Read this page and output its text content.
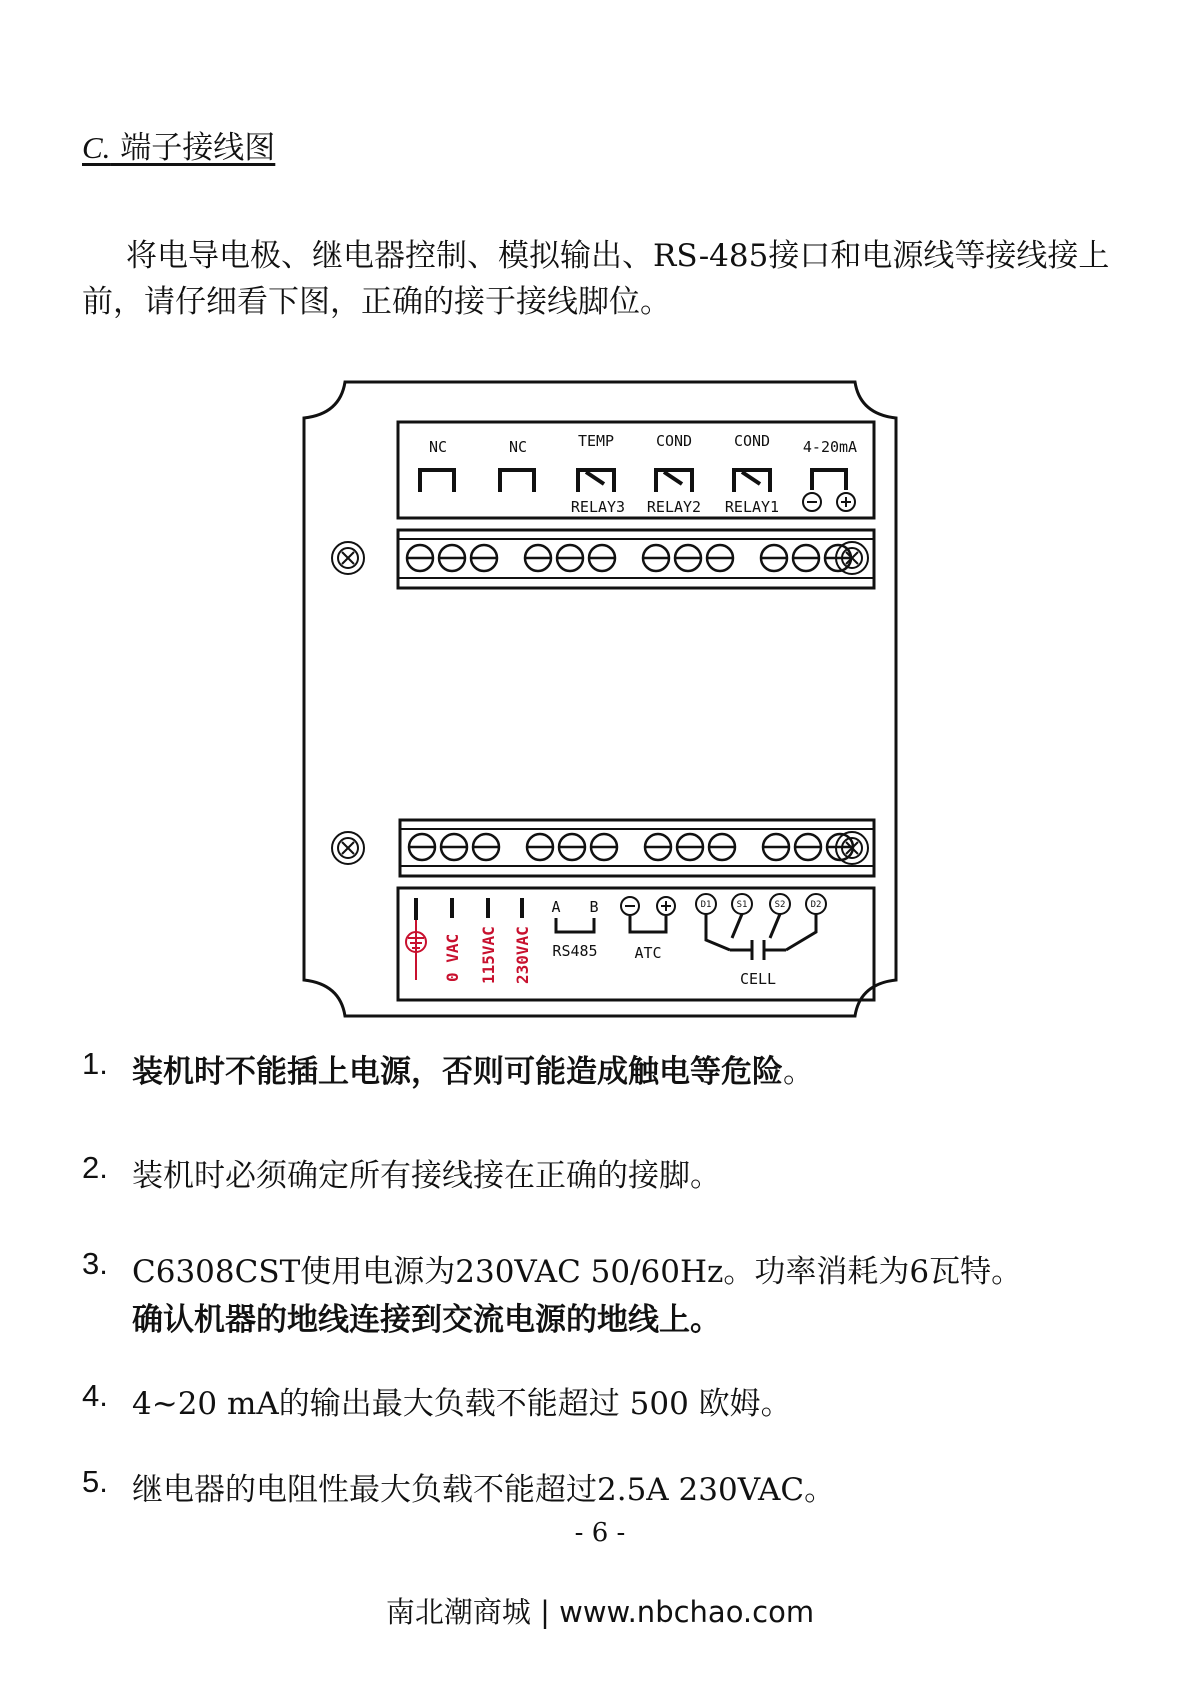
C. 端子接线图

将电导电极、继电器控制、模拟输出、RS-485接口和电源线等接线接上前，请仔细看下图，正确的接于接线脚位。

NC	NC	TEMP	COND	COND 4-20mA
RELAY3 RELAY2 RELAY1
0 VAC 115VAC 230VAC
A B
RS485 ATC
D1	S1	S2	D2
CELL
1. 装机时不能插上电源，否则可能造成触电等危险。
2. 装机时必须确定所有接线接在正确的接脚。
3. C6308CST使用电源为230VAC 50/60Hz。功率消耗为6瓦特。
确认机器的地线连接到交流电源的地线上。
4. 4~20 mA的输出最大负载不能超过 500 欧姆。
5. 继电器的电阻性最大负载不能超过2.5A 230VAC。
- 6 -
南北潮商城 | www.nbchao.com
